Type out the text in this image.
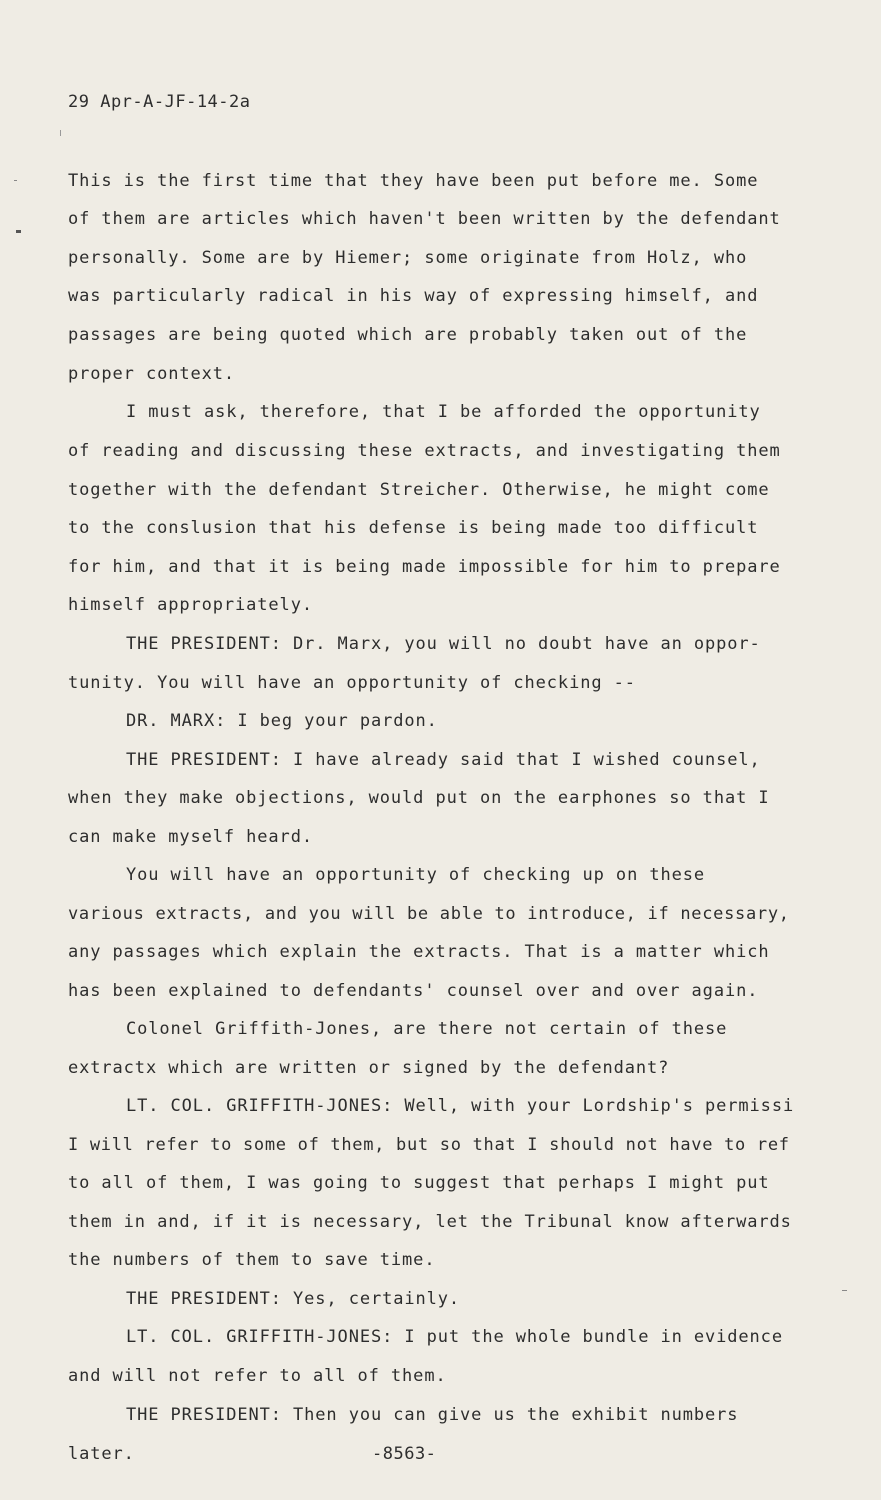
29 Apr-A-JF-14-2a
This is the first time that they have been put before me. Some
of them are articles which haven't been written by the defendant
personally. Some are by Hiemer; some originate from Holz, who
was particularly radical in his way of expressing himself, and
passages are being quoted which are probably taken out of the
proper context.
I must ask, therefore, that I be afforded the opportunity
of reading and discussing these extracts, and investigating them
together with the defendant Streicher. Otherwise, he might come
to the conslusion that his defense is being made too difficult
for him, and that it is being made impossible for him to prepare
himself appropriately.
THE PRESIDENT: Dr. Marx, you will no doubt have an oppor-
tunity. You will have an opportunity of checking --
DR. MARX: I beg your pardon.
THE PRESIDENT: I have already said that I wished counsel,
when they make objections, would put on the earphones so that I
can make myself heard.
You will have an opportunity of checking up on these
various extracts, and you will be able to introduce, if necessary,
any passages which explain the extracts. That is a matter which
has been explained to defendants' counsel over and over again.
Colonel Griffith-Jones, are there not certain of these
extractx which are written or signed by the defendant?
LT. COL. GRIFFITH-JONES: Well, with your Lordship's permissi
I will refer to some of them, but so that I should not have to ref
to all of them, I was going to suggest that perhaps I might put
them in and, if it is necessary, let the Tribunal know afterwards
the numbers of them to save time.
THE PRESIDENT: Yes, certainly.
LT. COL. GRIFFITH-JONES: I put the whole bundle in evidence
and will not refer to all of them.
THE PRESIDENT: Then you can give us the exhibit numbers
later.	-8563-
